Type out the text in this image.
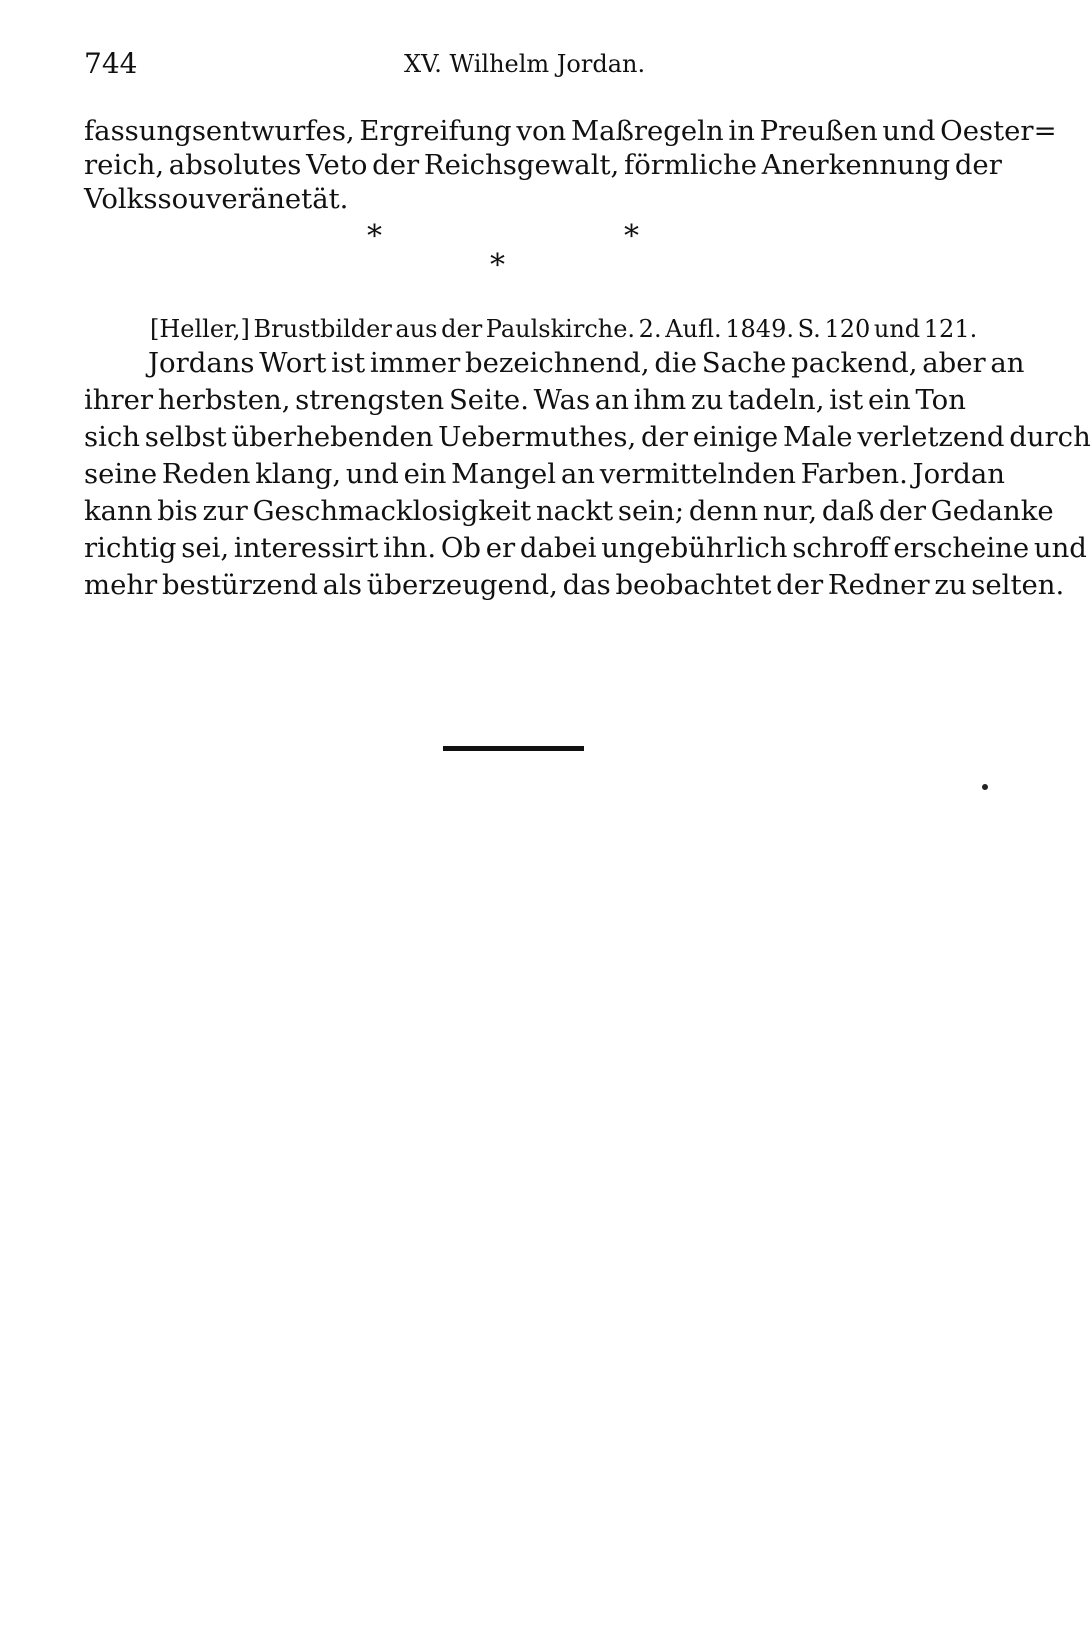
744	XV. Wilhelm Jordan.
fassungsentwurfes, Ergreifung von Maßregeln in Preußen und Oester=
reich, absolutes Veto der Reichsgewalt, förmliche Anerkennung der
Volkssouveränetät.
*	*
*
[Heller,] Brustbilder aus der Paulskirche. 2. Aufl. 1849. S. 120 und 121.
Jordans Wort ist immer bezeichnend, die Sache packend, aber an
ihrer herbsten, strengsten Seite. Was an ihm zu tadeln, ist ein Ton
sich selbst überhebenden Uebermuthes, der einige Male verletzend durch
seine Reden klang, und ein Mangel an vermittelnden Farben. Jordan
kann bis zur Geschmacklosigkeit nackt sein; denn nur, daß der Gedanke
richtig sei, interessirt ihn. Ob er dabei ungebührlich schroff erscheine und
mehr bestürzend als überzeugend, das beobachtet der Redner zu selten.
